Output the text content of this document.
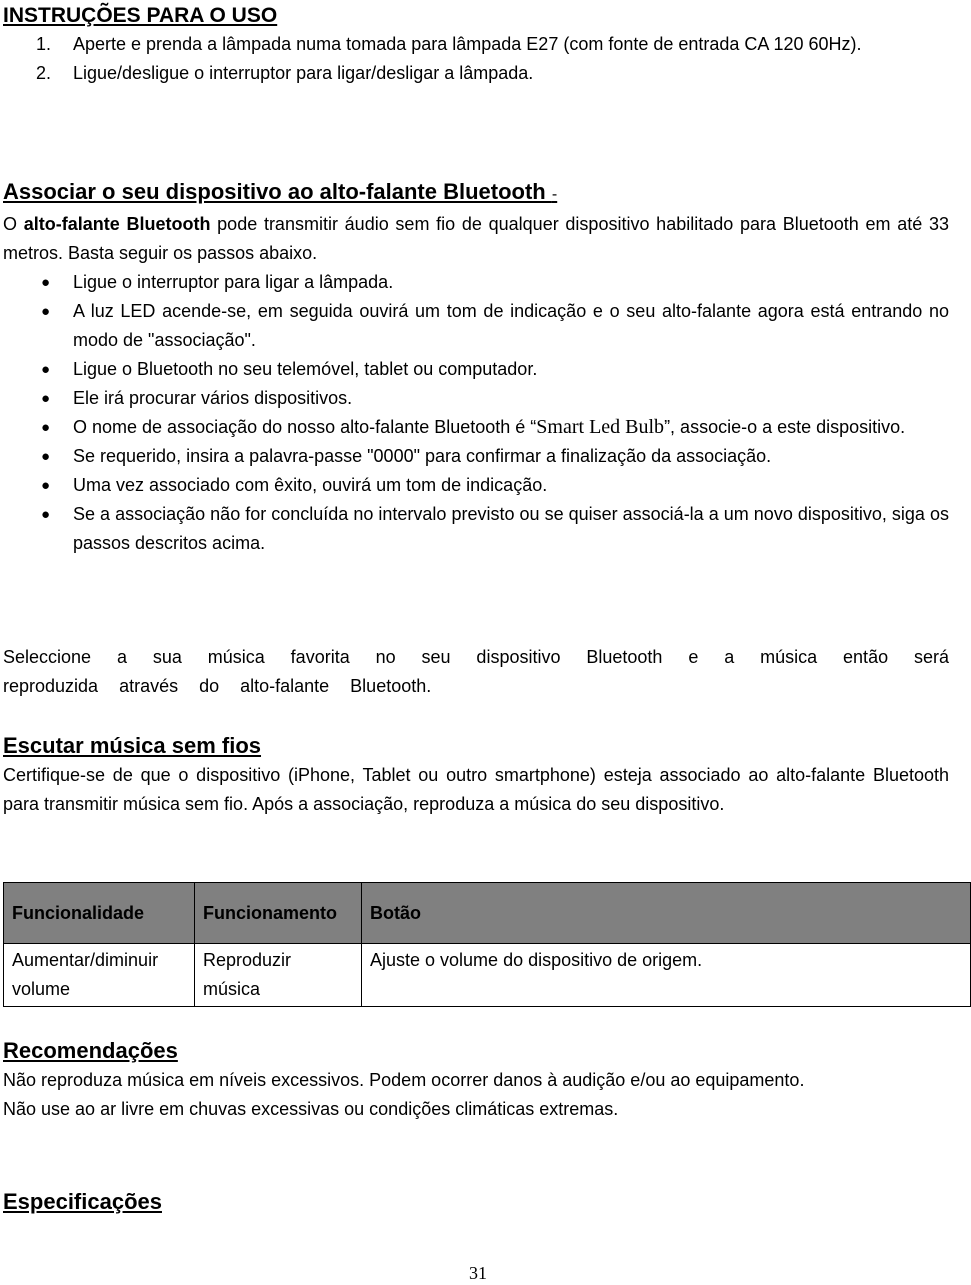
INSTRUÇÕES PARA O USO
1. Aperte e prenda a lâmpada numa tomada para lâmpada E27 (com fonte de entrada CA 120 60Hz).
2. Ligue/desligue o interruptor para ligar/desligar a lâmpada.
Associar o seu dispositivo ao alto-falante Bluetooth -

O alto-falante Bluetooth pode transmitir áudio sem fio de qualquer dispositivo habilitado para Bluetooth em até 33 metros. Basta seguir os passos abaixo.

● Ligue o interruptor para ligar a lâmpada.
● A luz LED acende-se, em seguida ouvirá um tom de indicação e o seu alto-falante agora está entrando no modo de "associação".
● Ligue o Bluetooth no seu telemóvel, tablet ou computador.
● Ele irá procurar vários dispositivos.
● O nome de associação do nosso alto-falante Bluetooth é “Smart Led Bulb”, associe-o a este dispositivo.
● Se requerido, insira a palavra-passe "0000" para confirmar a finalização da associação.
● Uma vez associado com êxito, ouvirá um tom de indicação.
● Se a associação não for concluída no intervalo previsto ou se quiser associá-la a um novo dispositivo, siga os passos descritos acima.

Seleccione a sua música favorita no seu dispositivo Bluetooth e a música então será reproduzida através do alto-falante Bluetooth.

Escutar música sem fios

Certifique-se de que o dispositivo (iPhone, Tablet ou outro smartphone) esteja associado ao alto-falante Bluetooth para transmitir música sem fio. Após a associação, reproduza a música do seu dispositivo.

Funcionalidade	Funcionamento	Botão
Aumentar/diminuir volume	Reproduzir música	Ajuste o volume do dispositivo de origem.
Recomendações

Não reproduza música em níveis excessivos. Podem ocorrer danos à audição e/ou ao equipamento.

Não use ao ar livre em chuvas excessivas ou condições climáticas extremas.

Especificações
31
